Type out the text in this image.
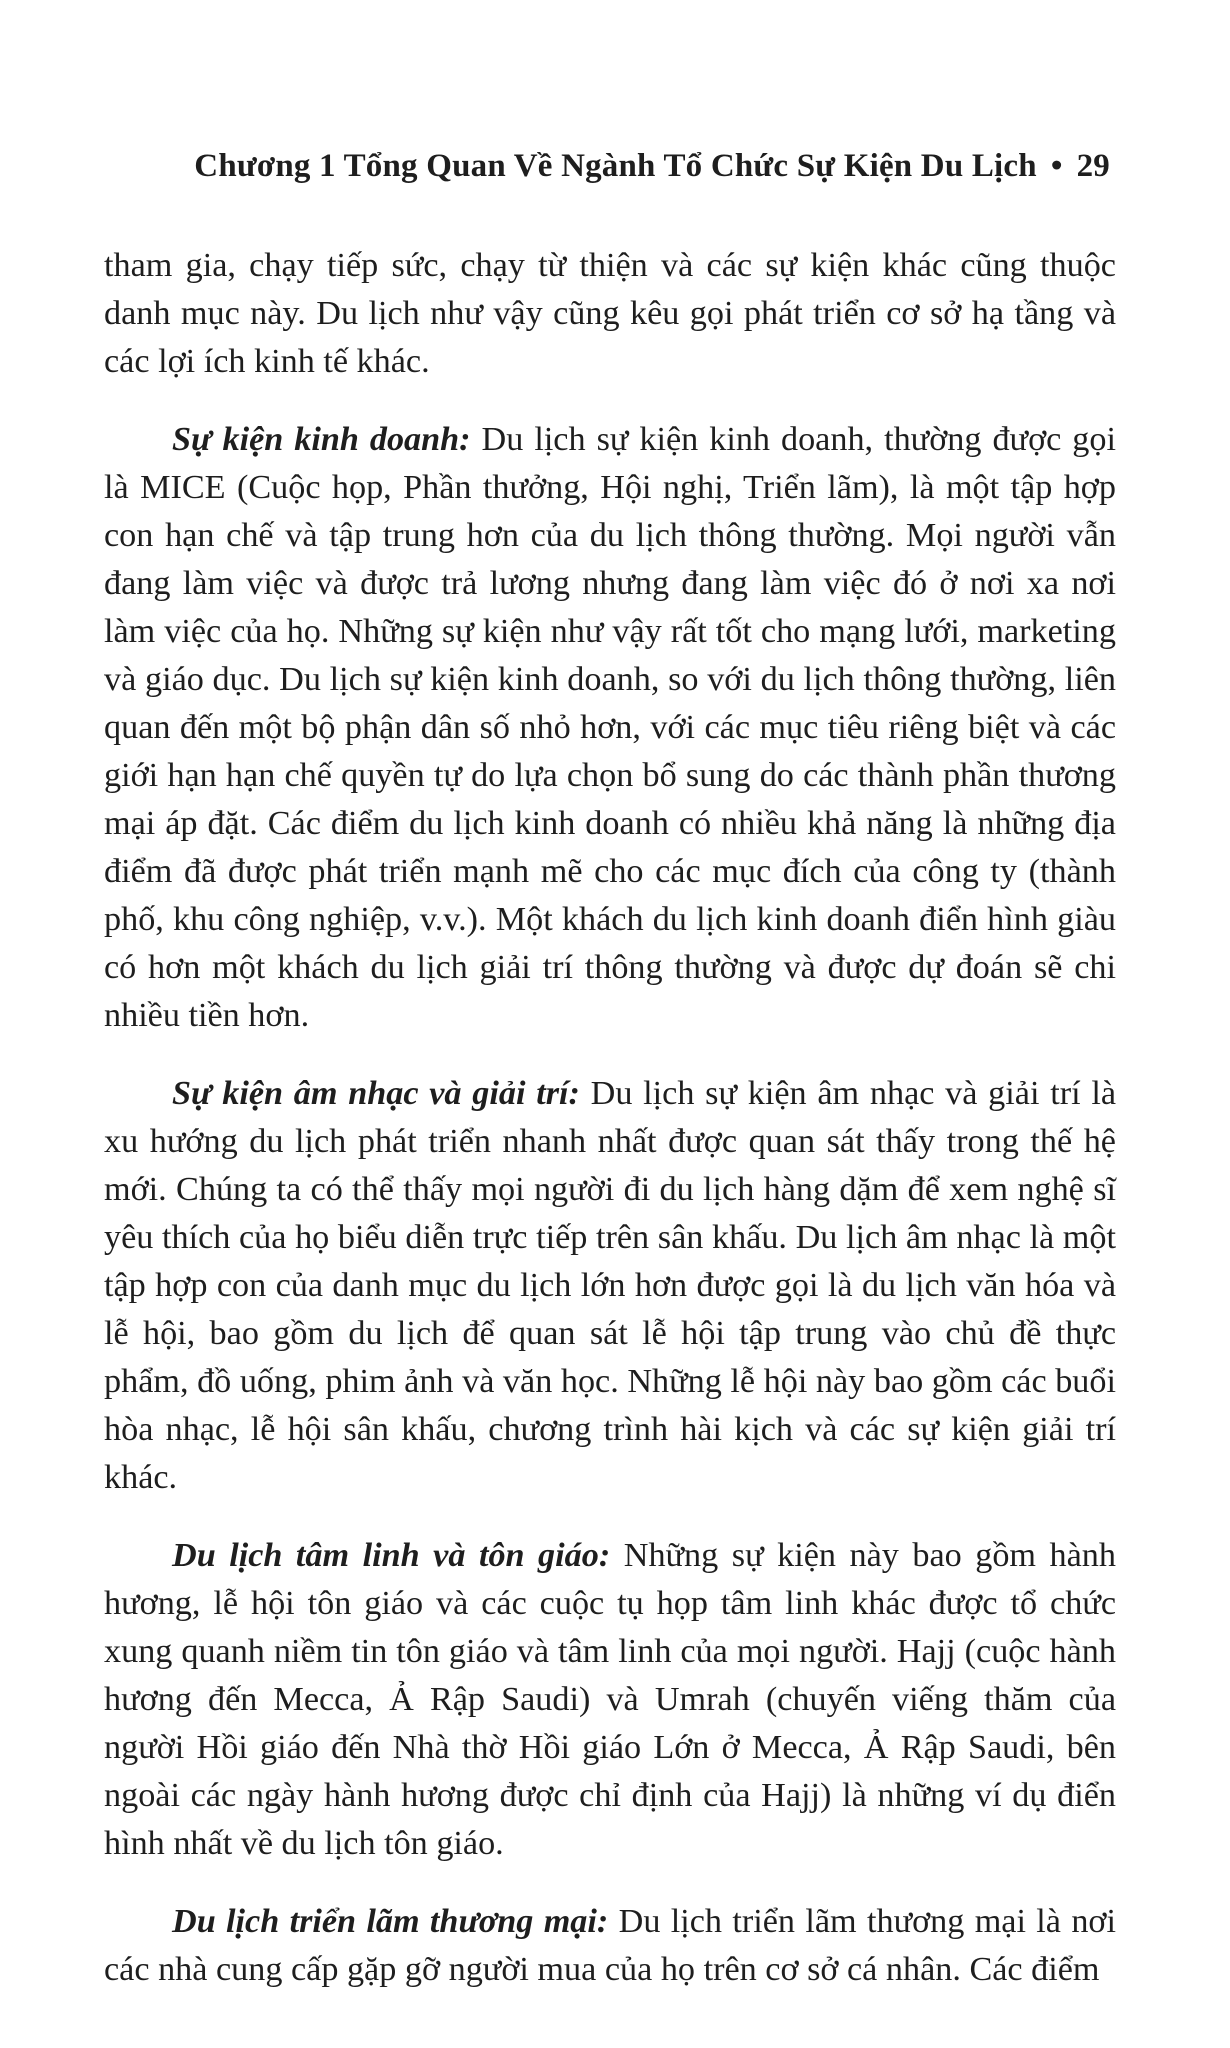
Chương 1 Tổng Quan Về Ngành Tổ Chức Sự Kiện Du Lịch • 29

tham gia, chạy tiếp sức, chạy từ thiện và các sự kiện khác cũng thuộc danh mục này. Du lịch như vậy cũng kêu gọi phát triển cơ sở hạ tầng và các lợi ích kinh tế khác.

Sự kiện kinh doanh: Du lịch sự kiện kinh doanh, thường được gọi là MICE (Cuộc họp, Phần thưởng, Hội nghị, Triển lãm), là một tập hợp con hạn chế và tập trung hơn của du lịch thông thường. Mọi người vẫn đang làm việc và được trả lương nhưng đang làm việc đó ở nơi xa nơi làm việc của họ. Những sự kiện như vậy rất tốt cho mạng lưới, marketing và giáo dục. Du lịch sự kiện kinh doanh, so với du lịch thông thường, liên quan đến một bộ phận dân số nhỏ hơn, với các mục tiêu riêng biệt và các giới hạn hạn chế quyền tự do lựa chọn bổ sung do các thành phần thương mại áp đặt. Các điểm du lịch kinh doanh có nhiều khả năng là những địa điểm đã được phát triển mạnh mẽ cho các mục đích của công ty (thành phố, khu công nghiệp, v.v.). Một khách du lịch kinh doanh điển hình giàu có hơn một khách du lịch giải trí thông thường và được dự đoán sẽ chi nhiều tiền hơn.

Sự kiện âm nhạc và giải trí: Du lịch sự kiện âm nhạc và giải trí là xu hướng du lịch phát triển nhanh nhất được quan sát thấy trong thế hệ mới. Chúng ta có thể thấy mọi người đi du lịch hàng dặm để xem nghệ sĩ yêu thích của họ biểu diễn trực tiếp trên sân khấu. Du lịch âm nhạc là một tập hợp con của danh mục du lịch lớn hơn được gọi là du lịch văn hóa và lễ hội, bao gồm du lịch để quan sát lễ hội tập trung vào chủ đề thực phẩm, đồ uống, phim ảnh và văn học. Những lễ hội này bao gồm các buổi hòa nhạc, lễ hội sân khấu, chương trình hài kịch và các sự kiện giải trí khác.

Du lịch tâm linh và tôn giáo: Những sự kiện này bao gồm hành hương, lễ hội tôn giáo và các cuộc tụ họp tâm linh khác được tổ chức xung quanh niềm tin tôn giáo và tâm linh của mọi người. Hajj (cuộc hành hương đến Mecca, Ả Rập Saudi) và Umrah (chuyến viếng thăm của người Hồi giáo đến Nhà thờ Hồi giáo Lớn ở Mecca, Ả Rập Saudi, bên ngoài các ngày hành hương được chỉ định của Hajj) là những ví dụ điển hình nhất về du lịch tôn giáo.

Du lịch triển lãm thương mại: Du lịch triển lãm thương mại là nơi các nhà cung cấp gặp gỡ người mua của họ trên cơ sở cá nhân. Các điểm
